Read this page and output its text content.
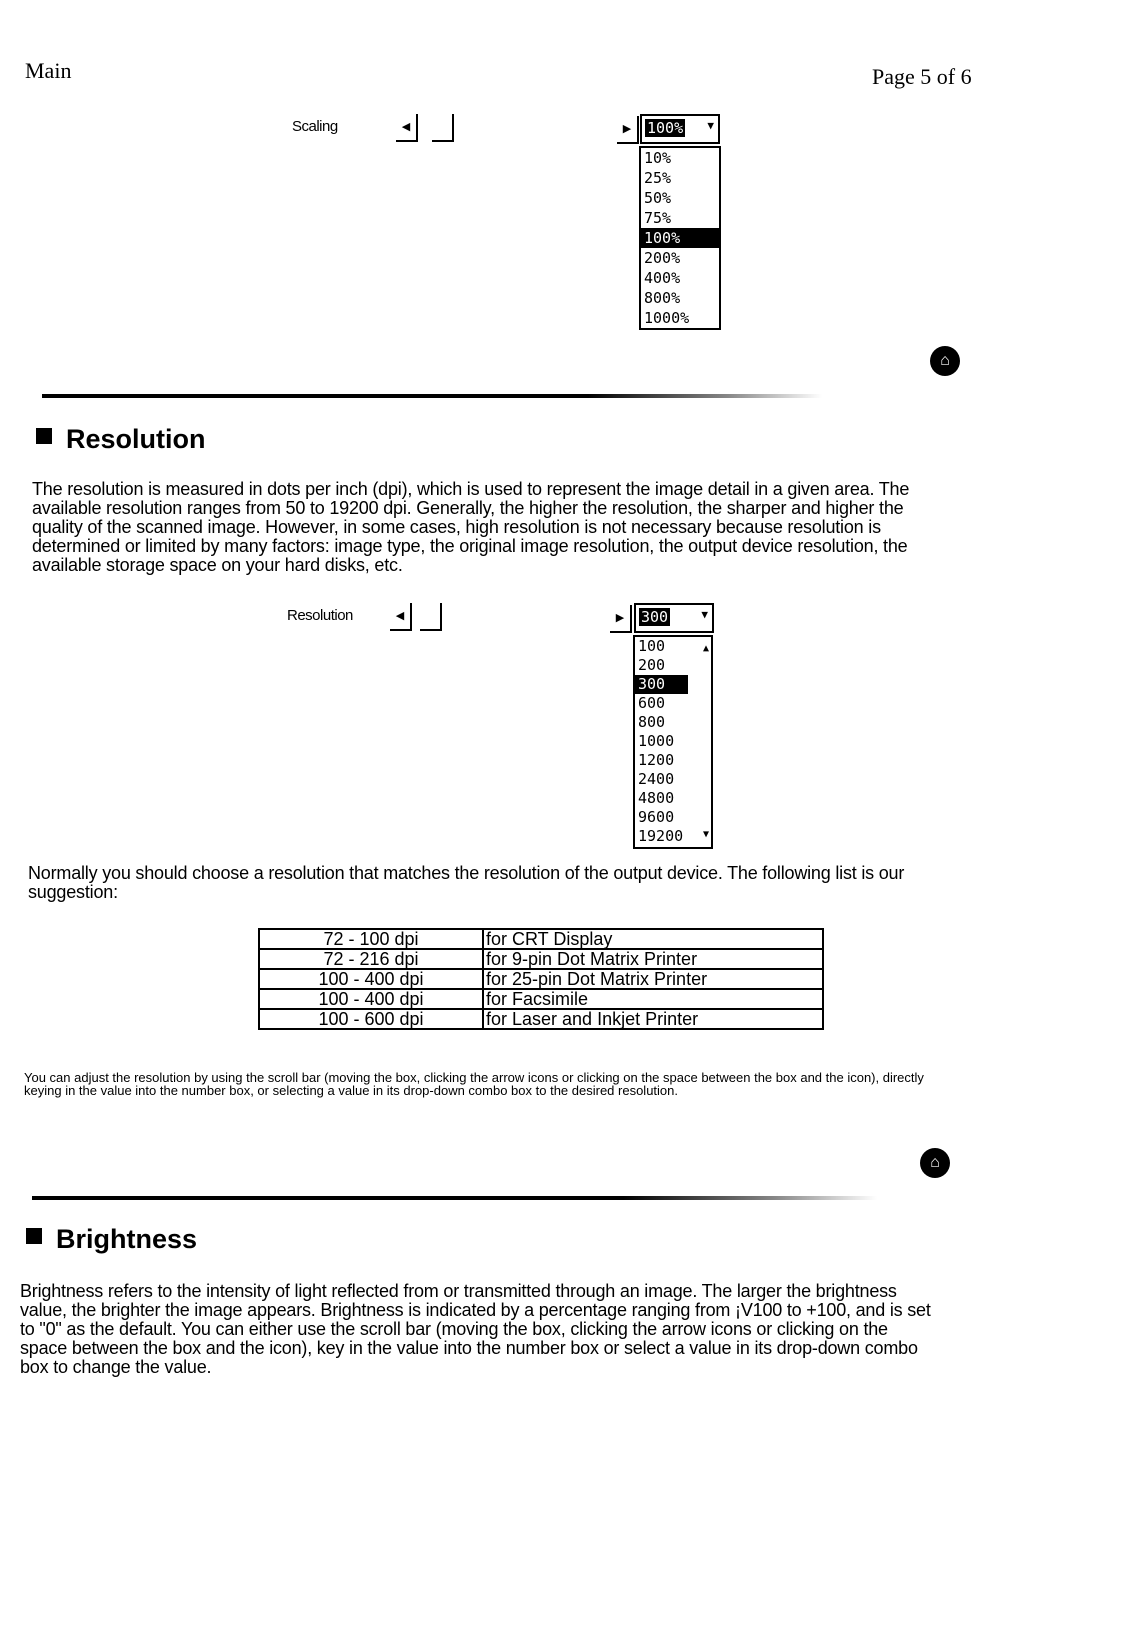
Main	Page 5 of 6
Scaling	◀	▶	100% ▼
10%
25%
50%
75%
100%
200%
400%
800%
1000%
⌂
Resolution
The resolution is measured in dots per inch (dpi), which is used to represent the image detail in a given area. The available resolution ranges from 50 to 19200 dpi. Generally, the higher the resolution, the sharper and higher the quality of the scanned image. However, in some cases, high resolution is not necessary because resolution is determined or limited by many factors: image type, the original image resolution, the output device resolution, the available storage space on your hard disks, etc.
Resolution	◀	▶	300	▼
100
200
300
600
800
1000
1200
2400
4800
9600
19200
▲
▼
Normally you should choose a resolution that matches the resolution of the output device. The following list is our suggestion:
72 - 100 dpi	for CRT Display
72 - 216 dpi	for 9-pin Dot Matrix Printer
100 - 400 dpi	for 25-pin Dot Matrix Printer
100 - 400 dpi	for Facsimile
100 - 600 dpi	for Laser and Inkjet Printer
You can adjust the resolution by using the scroll bar (moving the box, clicking the arrow icons or clicking on the space between the box and the icon), directly keying in the value into the number box, or selecting a value in its drop-down combo box to the desired resolution.
⌂
Brightness
Brightness refers to the intensity of light reflected from or transmitted through an image. The larger the brightness value, the brighter the image appears. Brightness is indicated by a percentage ranging from ¡V100 to +100, and is set to "0" as the default. You can either use the scroll bar (moving the box, clicking the arrow icons or clicking on the space between the box and the icon), key in the value into the number box or select a value in its drop-down combo box to change the value.
